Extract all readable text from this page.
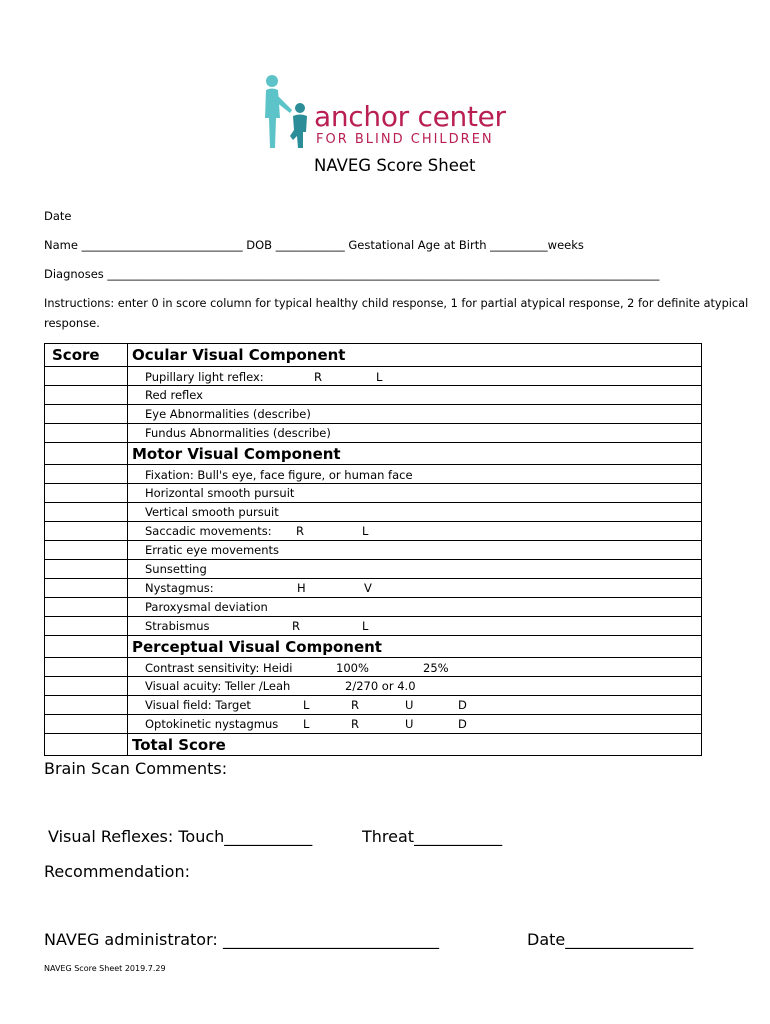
anchor center
FOR BLIND CHILDREN
NAVEG Score Sheet
Date
Name ____________________________ DOB ____________ Gestational Age at Birth __________weeks
Diagnoses ________________________________________________________________________________________________
Instructions: enter 0 in score column for typical healthy child response, 1 for partial atypical response, 2 for definite atypical
response.
Score Ocular Visual Component
Pupillary light reflex:	R	L
Red reflex
Eye Abnormalities (describe)
Fundus Abnormalities (describe)
Motor Visual Component
Fixation: Bull's eye, face figure, or human face
Horizontal smooth pursuit
Vertical smooth pursuit
Saccadic movements: R	L
Erratic eye movements
Sunsetting
Nystagmus:	H	V
Paroxysmal deviation
Strabismus	R	L
Perceptual Visual Component
Contrast sensitivity: Heidi	100%	25%
Visual acuity: Teller /Leah	2/270 or 4.0
Visual field: Target	L	R	U	D
Optokinetic nystagmus L	R	U	D
Total Score
Brain Scan Comments:
Visual Reflexes: Touch___________	Threat___________
Recommendation:
NAVEG administrator: ___________________________	Date________________
NAVEG Score Sheet 2019.7.29
